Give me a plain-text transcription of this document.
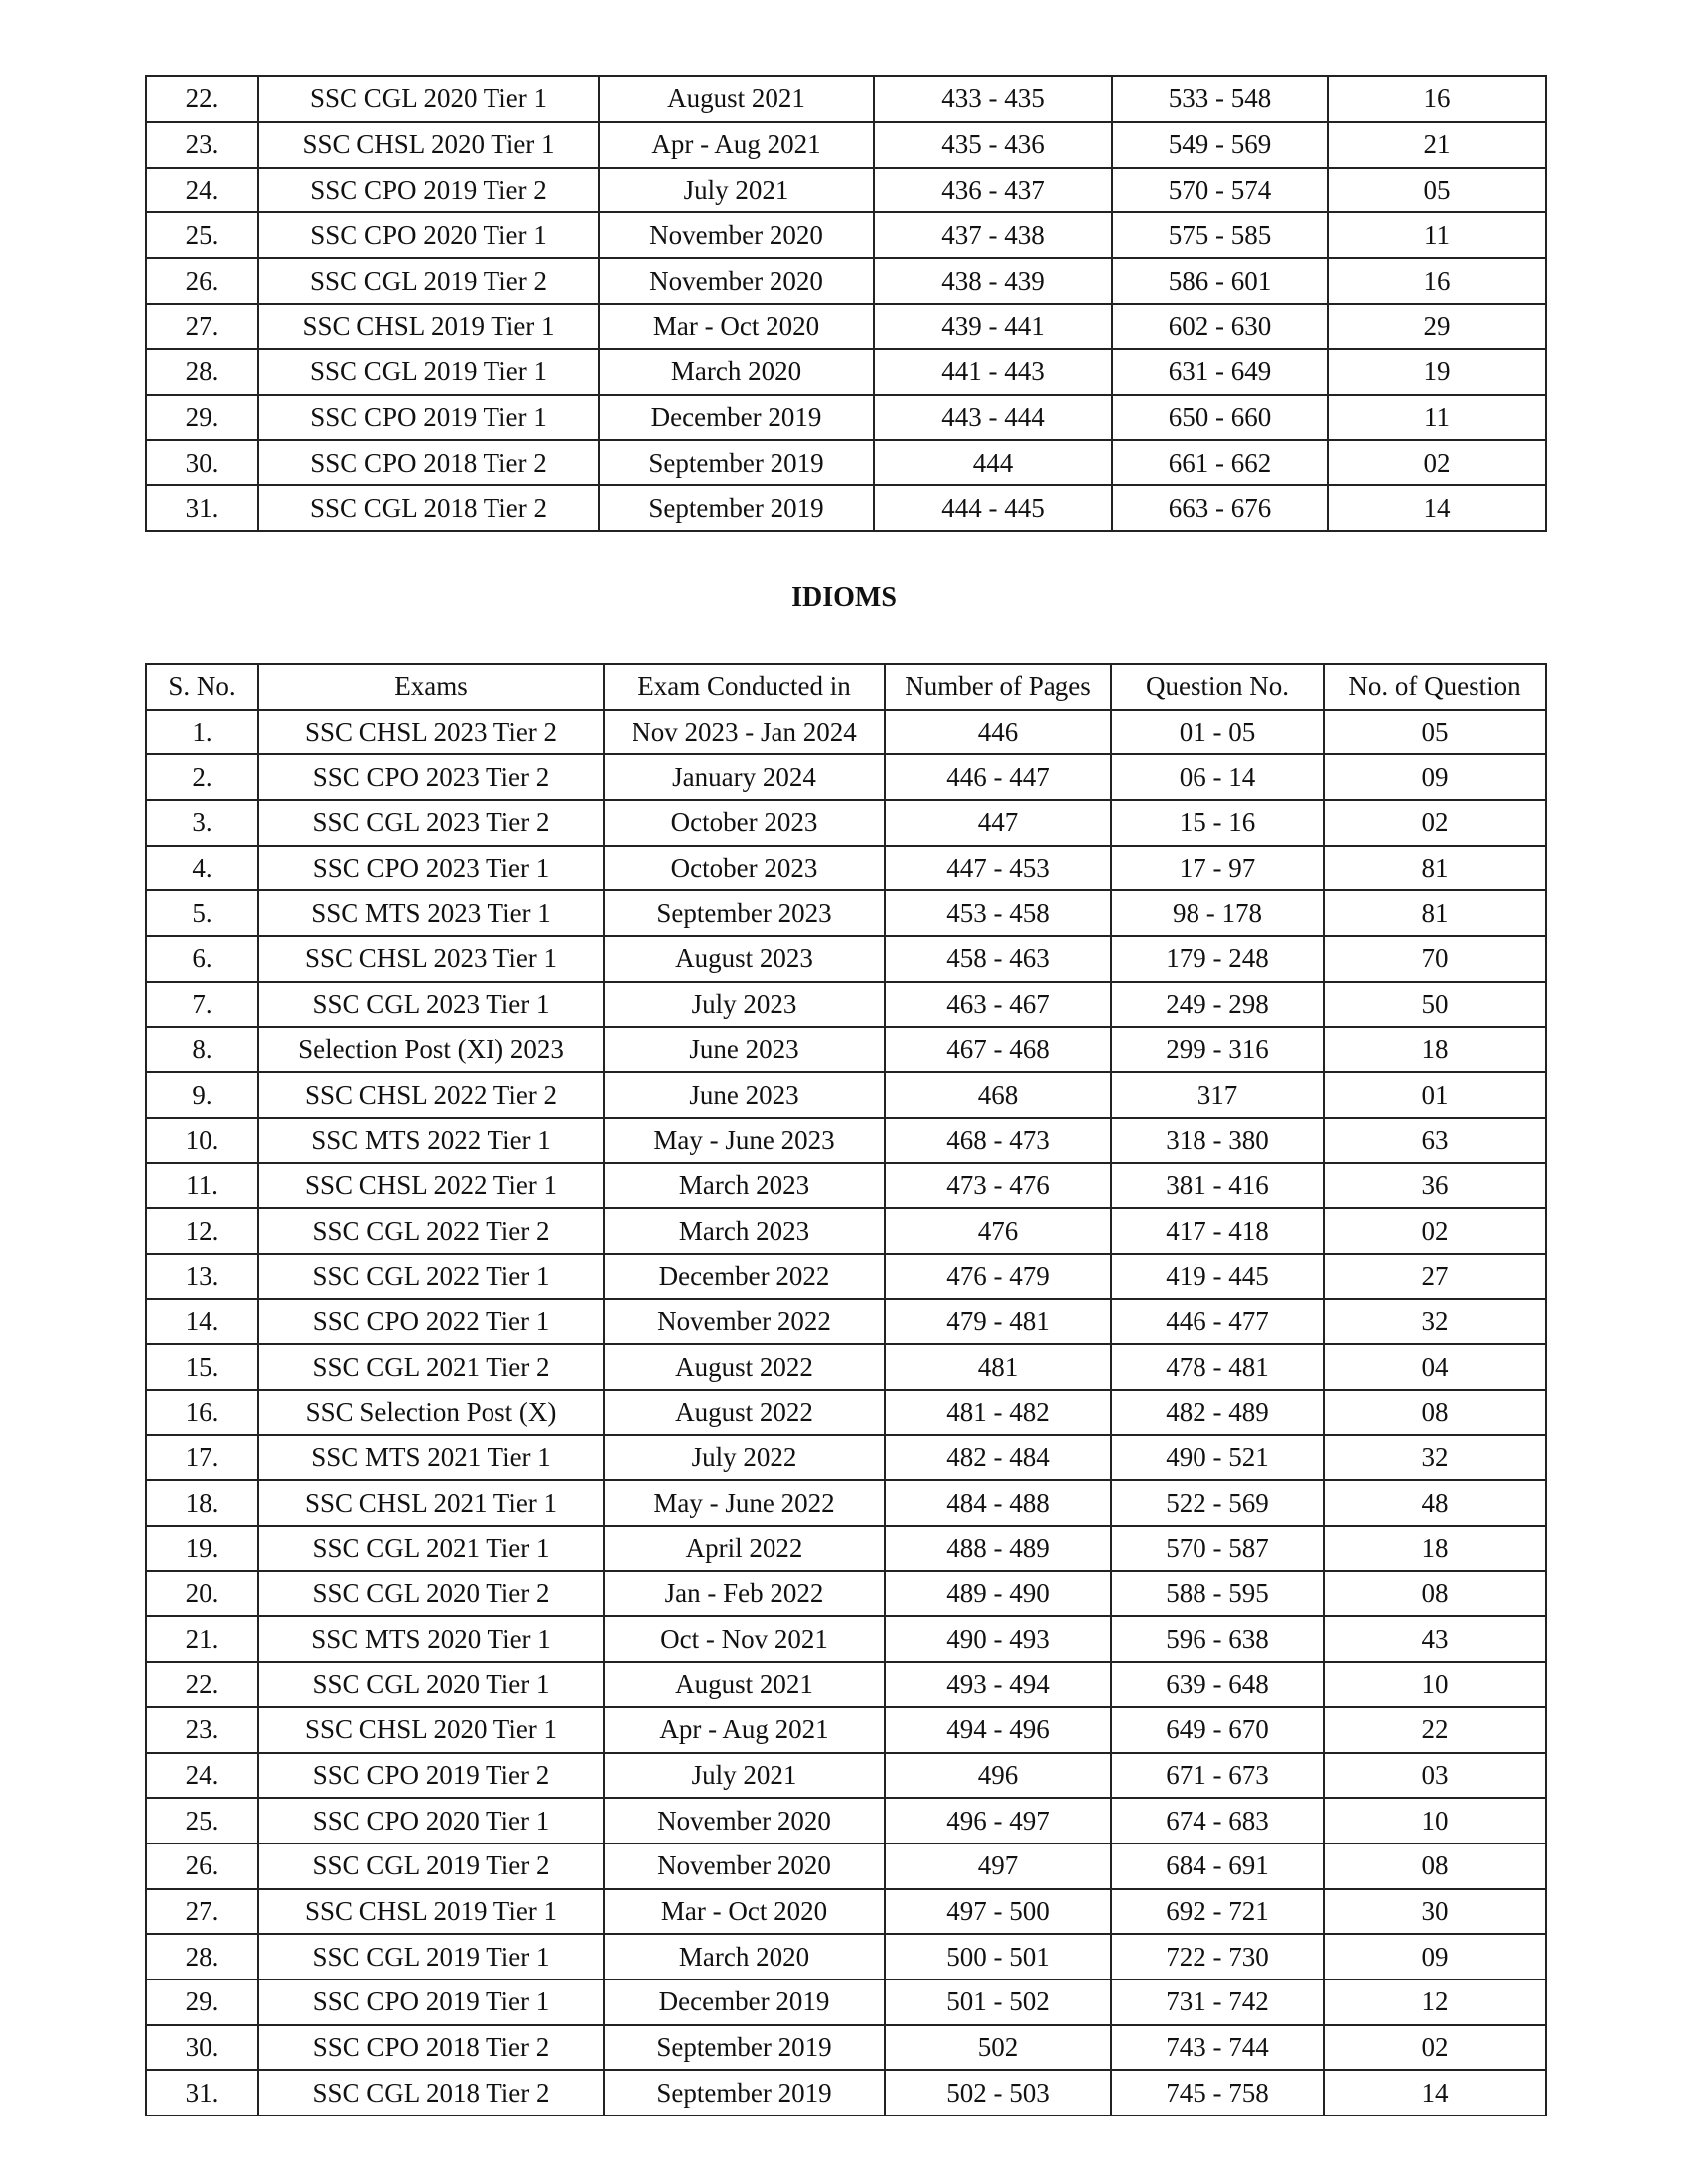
22.	SSC CGL 2020 Tier 1	August 2021	433 - 435	533 - 548	16
23.	SSC CHSL 2020 Tier 1	Apr - Aug 2021	435 - 436	549 - 569	21
24.	SSC CPO 2019 Tier 2	July 2021	436 - 437	570 - 574	05
25.	SSC CPO 2020 Tier 1	November 2020	437 - 438	575 - 585	11
26.	SSC CGL 2019 Tier 2	November 2020	438 - 439	586 - 601	16
27.	SSC CHSL 2019 Tier 1	Mar - Oct 2020	439 - 441	602 - 630	29
28.	SSC CGL 2019 Tier 1	March 2020	441 - 443	631 - 649	19
29.	SSC CPO 2019 Tier 1	December 2019	443 - 444	650 - 660	11
30.	SSC CPO 2018 Tier 2	September 2019	444	661 - 662	02
31.	SSC CGL 2018 Tier 2	September 2019	444 - 445	663 - 676	14
IDIOMS
S. No.	Exams	Exam Conducted in	Number of Pages	Question No.	No. of Question
1.	SSC CHSL 2023 Tier 2	Nov 2023 - Jan 2024	446	01 - 05	05
2.	SSC CPO 2023 Tier 2	January 2024	446 - 447	06 - 14	09
3.	SSC CGL 2023 Tier 2	October 2023	447	15 - 16	02
4.	SSC CPO 2023 Tier 1	October 2023	447 - 453	17 - 97	81
5.	SSC MTS 2023 Tier 1	September 2023	453 - 458	98 - 178	81
6.	SSC CHSL 2023 Tier 1	August 2023	458 - 463	179 - 248	70
7.	SSC CGL 2023 Tier 1	July 2023	463 - 467	249 - 298	50
8.	Selection Post (XI) 2023	June 2023	467 - 468	299 - 316	18
9.	SSC CHSL 2022 Tier 2	June 2023	468	317	01
10.	SSC MTS 2022 Tier 1	May - June 2023	468 - 473	318 - 380	63
11.	SSC CHSL 2022 Tier 1	March 2023	473 - 476	381 - 416	36
12.	SSC CGL 2022 Tier 2	March 2023	476	417 - 418	02
13.	SSC CGL 2022 Tier 1	December 2022	476 - 479	419 - 445	27
14.	SSC CPO 2022 Tier 1	November 2022	479 - 481	446 - 477	32
15.	SSC CGL 2021 Tier 2	August 2022	481	478 - 481	04
16.	SSC Selection Post (X)	August 2022	481 - 482	482 - 489	08
17.	SSC MTS 2021 Tier 1	July 2022	482 - 484	490 - 521	32
18.	SSC CHSL 2021 Tier 1	May - June 2022	484 - 488	522 - 569	48
19.	SSC CGL 2021 Tier 1	April 2022	488 - 489	570 - 587	18
20.	SSC CGL 2020 Tier 2	Jan - Feb 2022	489 - 490	588 - 595	08
21.	SSC MTS 2020 Tier 1	Oct - Nov 2021	490 - 493	596 - 638	43
22.	SSC CGL 2020 Tier 1	August 2021	493 - 494	639 - 648	10
23.	SSC CHSL 2020 Tier 1	Apr - Aug 2021	494 - 496	649 - 670	22
24.	SSC CPO 2019 Tier 2	July 2021	496	671 - 673	03
25.	SSC CPO 2020 Tier 1	November 2020	496 - 497	674 - 683	10
26.	SSC CGL 2019 Tier 2	November 2020	497	684 - 691	08
27.	SSC CHSL 2019 Tier 1	Mar - Oct 2020	497 - 500	692 - 721	30
28.	SSC CGL 2019 Tier 1	March 2020	500 - 501	722 - 730	09
29.	SSC CPO 2019 Tier 1	December 2019	501 - 502	731 - 742	12
30.	SSC CPO 2018 Tier 2	September 2019	502	743 - 744	02
31.	SSC CGL 2018 Tier 2	September 2019	502 - 503	745 - 758	14
